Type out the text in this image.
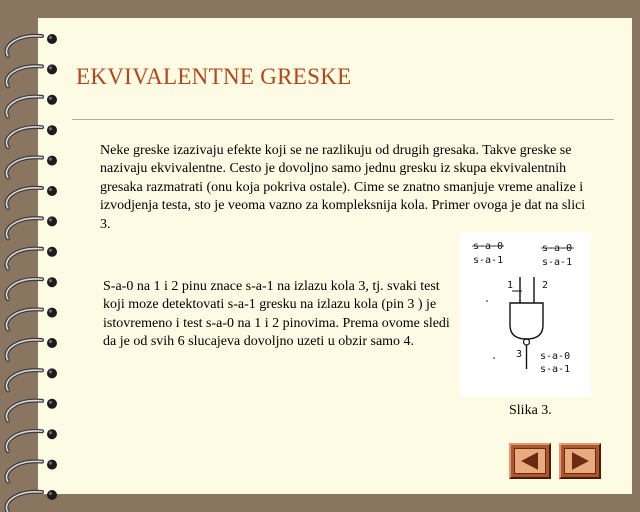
EKVIVALENTNE GRESKE
Neke greske izazivaju efekte koji se ne razlikuju od drugih gresaka. Takve greske se nazivaju ekvivalentne. Cesto je dovoljno samo jednu gresku iz skupa ekvivalentnih gresaka razmatrati (onu koja pokriva ostale). Cime se znatno smanjuje vreme analize i izvodjenja testa, sto je veoma vazno za kompleksnija kola. Primer ovoga je dat na slici 3.
S-a-0 na 1 i 2 pinu znace s-a-1 na izlazu kola 3, tj. svaki test koji moze detektovati s-a-1 gresku na izlazu kola (pin 3 ) je istovremeno i test s-a-0 na 1 i 2 pinovima. Prema ovome sledi da je od svih 6 slucajeva dovoljno uzeti u obzir samo 4.
s-a-0
s-a-1
s-a-0
s-a-1
1	2
3 s-a-0
s-a-1
Slika 3.
